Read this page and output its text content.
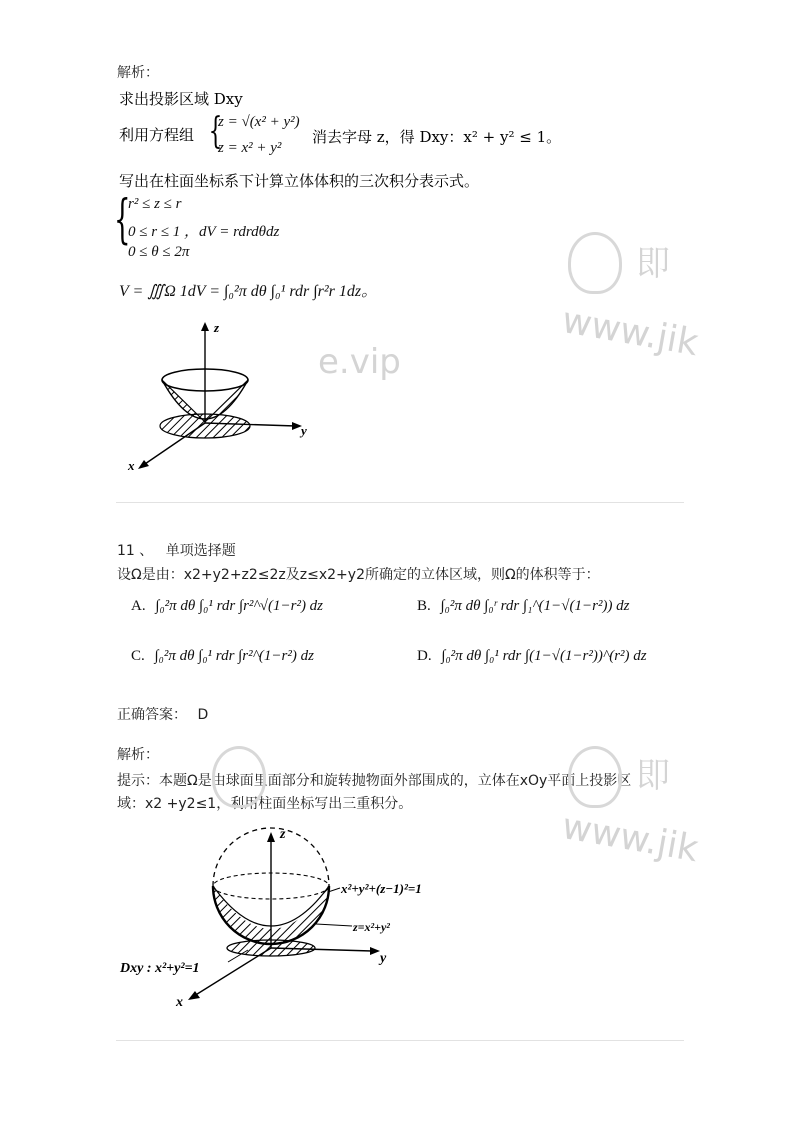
解析：
求出投影区域 Dxy
利用方程组 {
z = √(x² + y²)
z = x² + y²
消去字母 z，得 Dxy：x² + y² ≤ 1。
写出在柱面坐标系下计算立体体积的三次积分表示式。
{
r² ≤ z ≤ r
0 ≤ r ≤ 1 ，dV = rdrdθdz
0 ≤ θ ≤ 2π
V = ∭Ω 1dV = ∫₀²π dθ ∫₀¹ rdr ∫r²r 1dz。
z
y
x
11 、 单项选择题
设Ω是由：x2+y2+z2≤2z及z≤x2+y2所确定的立体区域，则Ω的体积等于：
A. ∫₀²π dθ ∫₀¹ rdr ∫r²^√(1−r²) dz	B. ∫₀²π dθ ∫₀ʳ rdr ∫₁^(1−√(1−r²)) dz
C. ∫₀²π dθ ∫₀¹ rdr ∫r²^(1−r²) dz	D. ∫₀²π dθ ∫₀¹ rdr ∫(1−√(1−r²))^(r²) dz
正确答案： D
解析：
提示：本题Ω是由球面里面部分和旋转抛物面外部围成的，立体在xOy平面上投影区
域：x2 +y2≤1，利用柱面坐标写出三重积分。
z
y
x
x²+y²+(z−1)²=1
z=x²+y²
Dxy : x²+y²=1
即
www.jik
e.vip
即
www.jik
